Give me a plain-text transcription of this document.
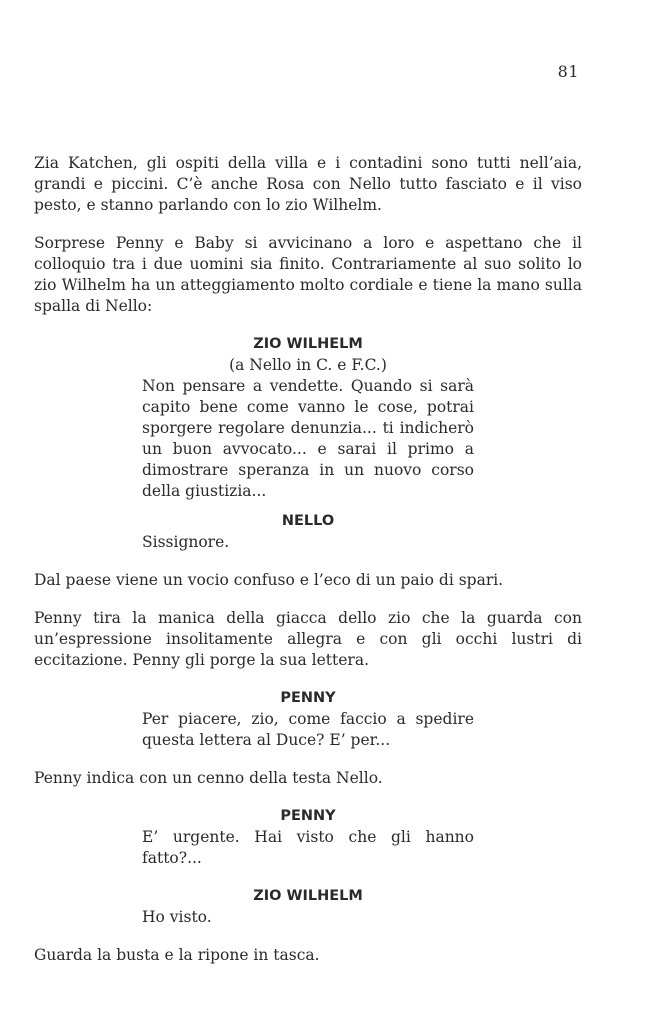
81

Zia Katchen, gli ospiti della villa e i contadini sono tutti nell’aia, grandi e piccini. C’è anche Rosa con Nello tutto fasciato e il viso pesto, e stanno parlando con lo zio Wilhelm.

Sorprese Penny e Baby si avvicinano a loro e aspettano che il colloquio tra i due uomini sia finito. Contrariamente al suo solito lo zio Wilhelm ha un atteggiamento molto cordiale e tiene la mano sulla spalla di Nello:

ZIO WILHELM

(a Nello in C. e F.C.)

Non pensare a vendette. Quando si sarà capito bene come vanno le cose, potrai sporgere regolare denunzia... ti indicherò un buon avvocato... e sarai il primo a dimostrare speranza in un nuovo corso della giustizia...

NELLO

Sissignore.

Dal paese viene un vocio confuso e l’eco di un paio di spari.

Penny tira la manica della giacca dello zio che la guarda con un’espressione insolitamente allegra e con gli occhi lustri di eccitazione. Penny gli porge la sua lettera.

PENNY

Per piacere, zio, come faccio a spedire questa lettera al Duce? E’ per...

Penny indica con un cenno della testa Nello.

PENNY

E’ urgente. Hai visto che gli hanno fatto?...

ZIO WILHELM

Ho visto.

Guarda la busta e la ripone in tasca.
